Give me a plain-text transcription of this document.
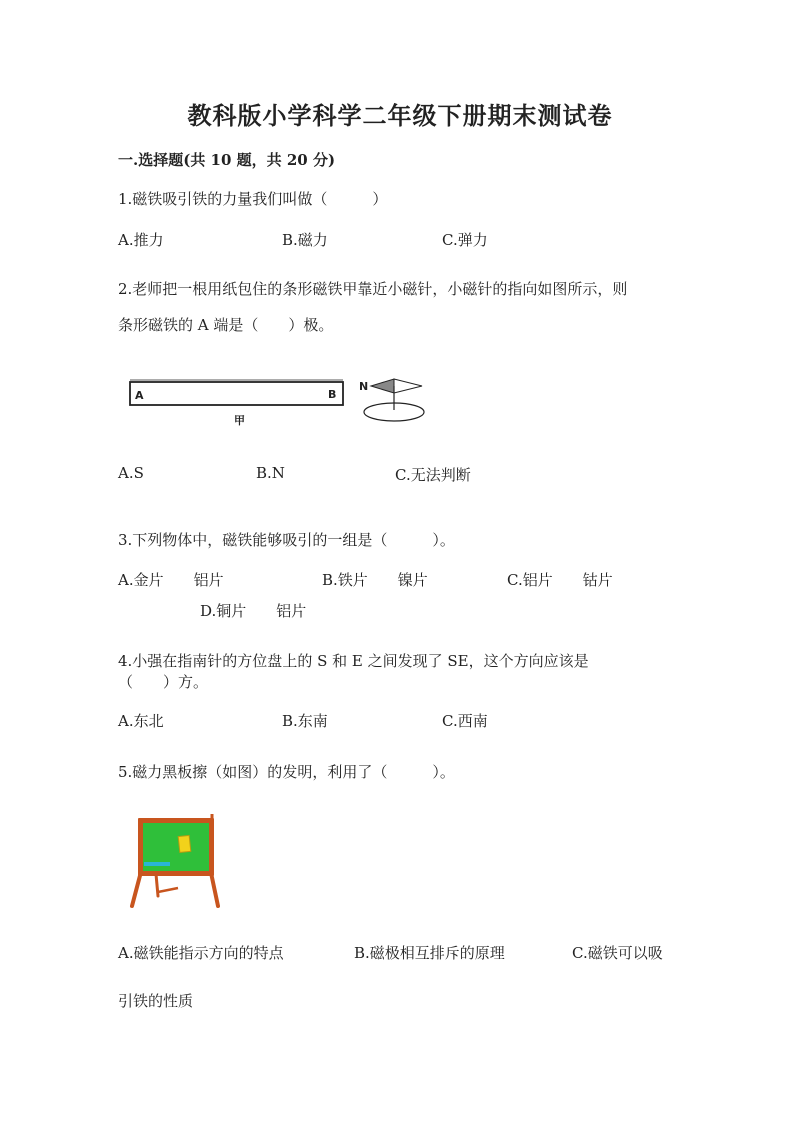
教科版小学科学二年级下册期末测试卷
一.选择题(共 10 题，共 20 分)
1.磁铁吸引铁的力量我们叫做（　　　）
A.推力	B.磁力	C.弹力
2.老师把一根用纸包住的条形磁铁甲靠近小磁针，小磁针的指向如图所示，则
条形磁铁的 A 端是（　　）极。
A	B
甲
N
A.S	B.N	C.无法判断
3.下列物体中，磁铁能够吸引的一组是（　　　）。
A.金片　　铝片	B.铁片　　镍片	C.铝片　　钴片
D.铜片　　铝片
4.小强在指南针的方位盘上的 S 和 E 之间发现了 SE，这个方向应该是
（　　）方。
A.东北	B.东南	C.西南
5.磁力黑板擦（如图）的发明，利用了（　　　）。
A.磁铁能指示方向的特点	B.磁极相互排斥的原理	C.磁铁可以吸
引铁的性质
